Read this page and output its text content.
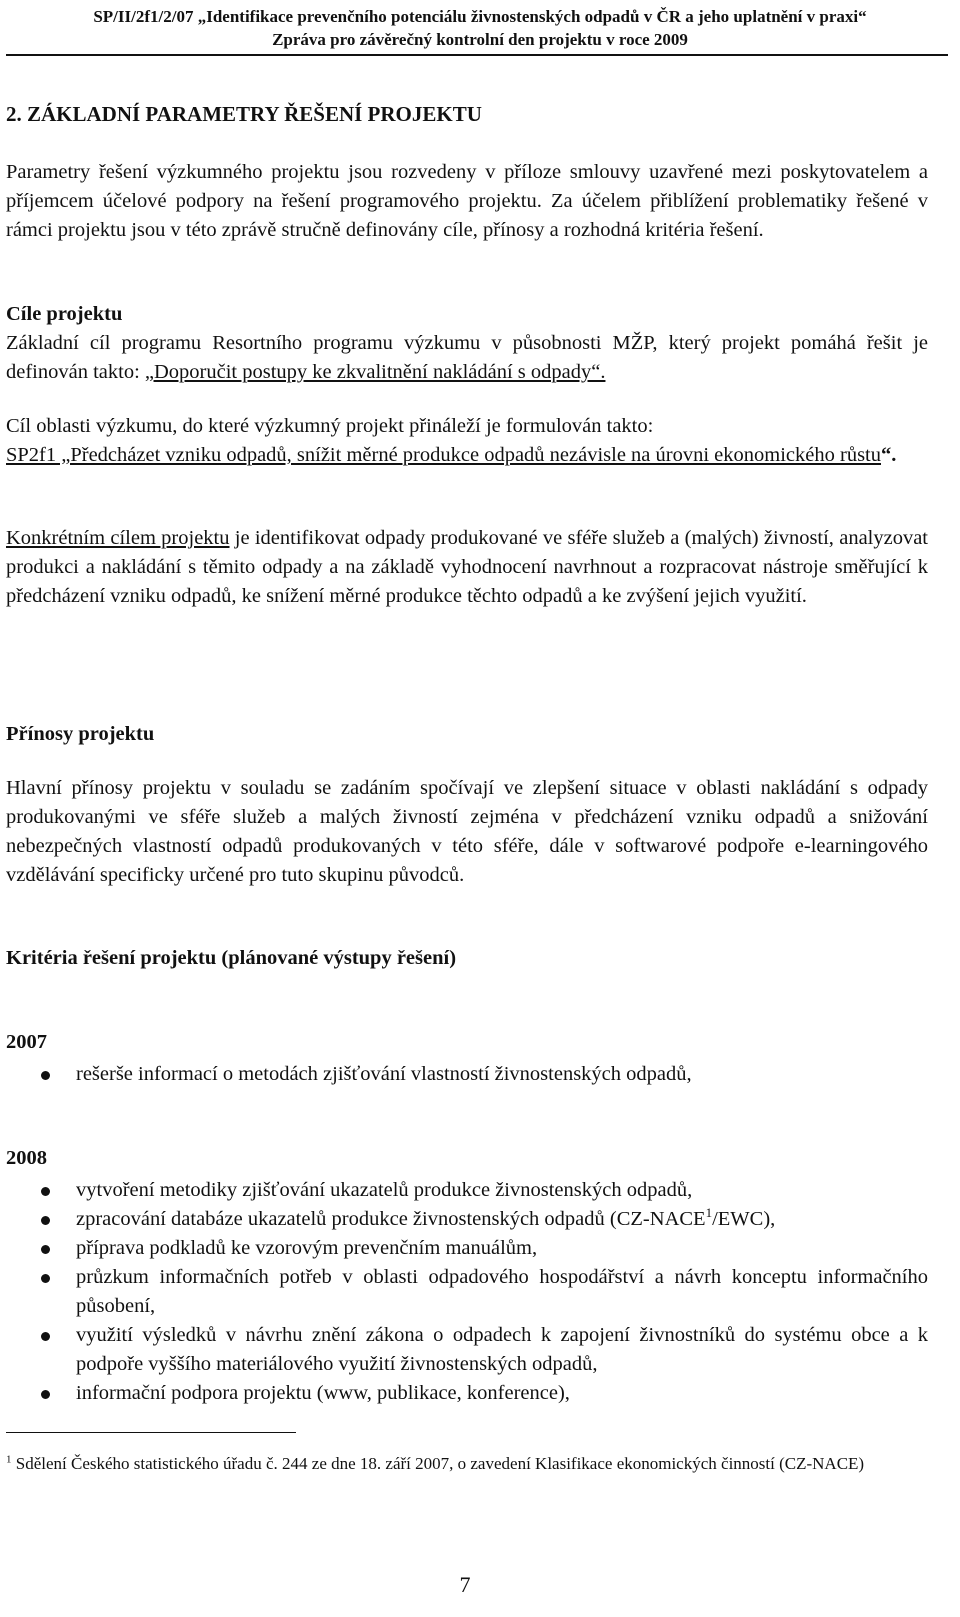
SP/II/2f1/2/07 „Identifikace prevenčního potenciálu živnostenských odpadů v ČR a jeho uplatnění v praxi“
Zpráva pro závěrečný kontrolní den projektu v roce 2009
2. ZÁKLADNÍ PARAMETRY ŘEŠENÍ PROJEKTU
Parametry řešení výzkumného projektu jsou rozvedeny v příloze smlouvy uzavřené mezi poskytovatelem a příjemcem účelové podpory na řešení programového projektu. Za účelem přiblížení problematiky řešené v rámci projektu jsou v této zprávě stručně definovány cíle, přínosy a rozhodná kritéria řešení.
Cíle projektu
Základní cíl programu Resortního programu výzkumu v působnosti MŽP, který projekt pomáhá řešit je definován takto: „Doporučit postupy ke zkvalitnění nakládání s odpady“.
Cíl oblasti výzkumu, do které výzkumný projekt přináleží je formulován takto:
SP2f1 „Předcházet vzniku odpadů, snížit měrné produkce odpadů nezávisle na úrovni ekonomického růstu“.
Konkrétním cílem projektu je identifikovat odpady produkované ve sféře služeb a (malých) živností, analyzovat produkci a nakládání s těmito odpady a na základě vyhodnocení navrhnout a rozpracovat nástroje směřující k předcházení vzniku odpadů, ke snížení měrné produkce těchto odpadů a ke zvýšení jejich využití.
Přínosy projektu
Hlavní přínosy projektu v souladu se zadáním spočívají ve zlepšení situace v oblasti nakládání s odpady produkovanými ve sféře služeb a malých živností zejména v předcházení vzniku odpadů a snižování nebezpečných vlastností odpadů produkovaných v této sféře, dále v softwarové podpoře e-learningového vzdělávání specificky určené pro tuto skupinu původců.
Kritéria řešení projektu (plánované výstupy řešení)
2007
rešerše informací o metodách zjišťování vlastností živnostenských odpadů,
2008
vytvoření metodiky zjišťování ukazatelů produkce živnostenských odpadů,
zpracování databáze ukazatelů produkce živnostenských odpadů (CZ-NACE$^1$/EWC),
příprava podkladů ke vzorovým prevenčním manuálům,
průzkum informačních potřeb v oblasti odpadového hospodářství a návrh konceptu informačního působení,
využití výsledků v návrhu znění zákona o odpadech k zapojení živnostníků do systému obce a k podpoře vyššího materiálového využití živnostenských odpadů,
informační podpora projektu (www, publikace, konference),
$^1$ Sdělení Českého statistického úřadu č. 244 ze dne 18. září 2007, o zavedení Klasifikace ekonomických činností (CZ-NACE)
7
